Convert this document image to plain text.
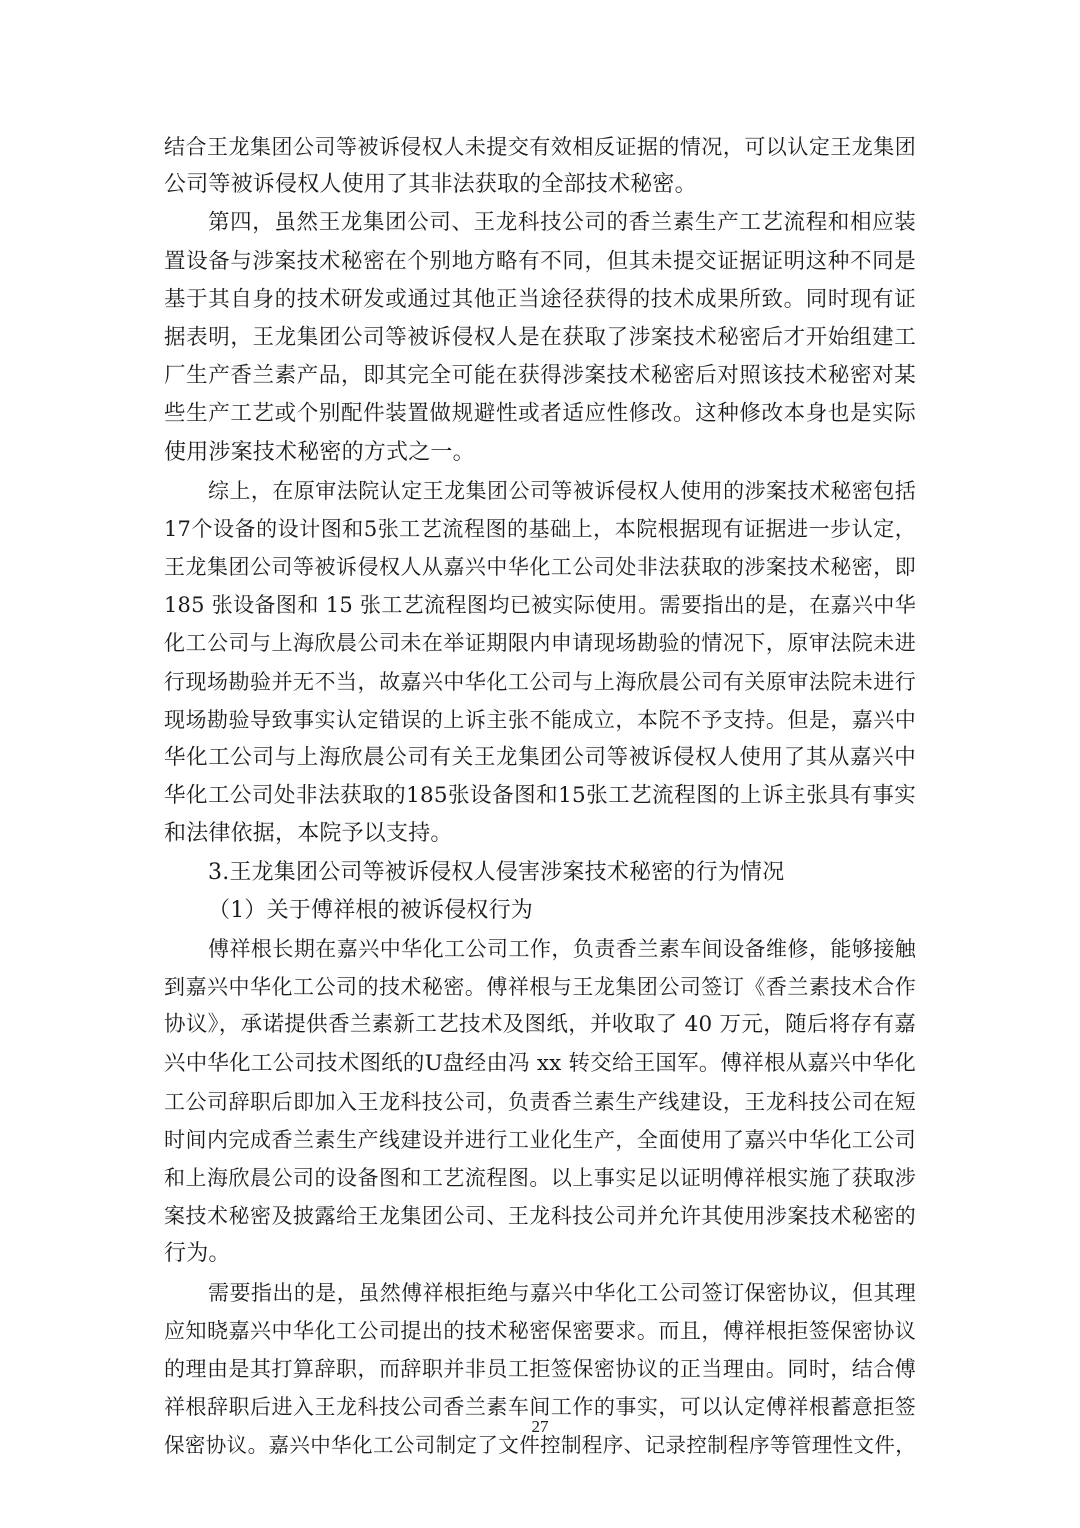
结合王龙集团公司等被诉侵权人未提交有效相反证据的情况，可以认定王龙集团
公司等被诉侵权人使用了其非法获取的全部技术秘密。
第四，虽然王龙集团公司、王龙科技公司的香兰素生产工艺流程和相应装
置设备与涉案技术秘密在个别地方略有不同，但其未提交证据证明这种不同是
基于其自身的技术研发或通过其他正当途径获得的技术成果所致。同时现有证
据表明，王龙集团公司等被诉侵权人是在获取了涉案技术秘密后才开始组建工
厂生产香兰素产品，即其完全可能在获得涉案技术秘密后对照该技术秘密对某
些生产工艺或个别配件装置做规避性或者适应性修改。这种修改本身也是实际
使用涉案技术秘密的方式之一。
综上，在原审法院认定王龙集团公司等被诉侵权人使用的涉案技术秘密包括
17个设备的设计图和5张工艺流程图的基础上，本院根据现有证据进一步认定，
王龙集团公司等被诉侵权人从嘉兴中华化工公司处非法获取的涉案技术秘密，即
185 张设备图和 15 张工艺流程图均已被实际使用。需要指出的是，在嘉兴中华
化工公司与上海欣晨公司未在举证期限内申请现场勘验的情况下，原审法院未进
行现场勘验并无不当，故嘉兴中华化工公司与上海欣晨公司有关原审法院未进行
现场勘验导致事实认定错误的上诉主张不能成立，本院不予支持。但是，嘉兴中
华化工公司与上海欣晨公司有关王龙集团公司等被诉侵权人使用了其从嘉兴中
华化工公司处非法获取的185张设备图和15张工艺流程图的上诉主张具有事实
和法律依据，本院予以支持。
3.王龙集团公司等被诉侵权人侵害涉案技术秘密的行为情况
（1）关于傅祥根的被诉侵权行为
傅祥根长期在嘉兴中华化工公司工作，负责香兰素车间设备维修，能够接触
到嘉兴中华化工公司的技术秘密。傅祥根与王龙集团公司签订《香兰素技术合作
协议》，承诺提供香兰素新工艺技术及图纸，并收取了 40 万元，随后将存有嘉
兴中华化工公司技术图纸的U盘经由冯 xx 转交给王国军。傅祥根从嘉兴中华化
工公司辞职后即加入王龙科技公司，负责香兰素生产线建设，王龙科技公司在短
时间内完成香兰素生产线建设并进行工业化生产，全面使用了嘉兴中华化工公司
和上海欣晨公司的设备图和工艺流程图。以上事实足以证明傅祥根实施了获取涉
案技术秘密及披露给王龙集团公司、王龙科技公司并允许其使用涉案技术秘密的
行为。
需要指出的是，虽然傅祥根拒绝与嘉兴中华化工公司签订保密协议，但其理
应知晓嘉兴中华化工公司提出的技术秘密保密要求。而且，傅祥根拒签保密协议
的理由是其打算辞职，而辞职并非员工拒签保密协议的正当理由。同时，结合傅
祥根辞职后进入王龙科技公司香兰素车间工作的事实，可以认定傅祥根蓄意拒签
保密协议。嘉兴中华化工公司制定了文件控制程序、记录控制程序等管理性文件，
27
